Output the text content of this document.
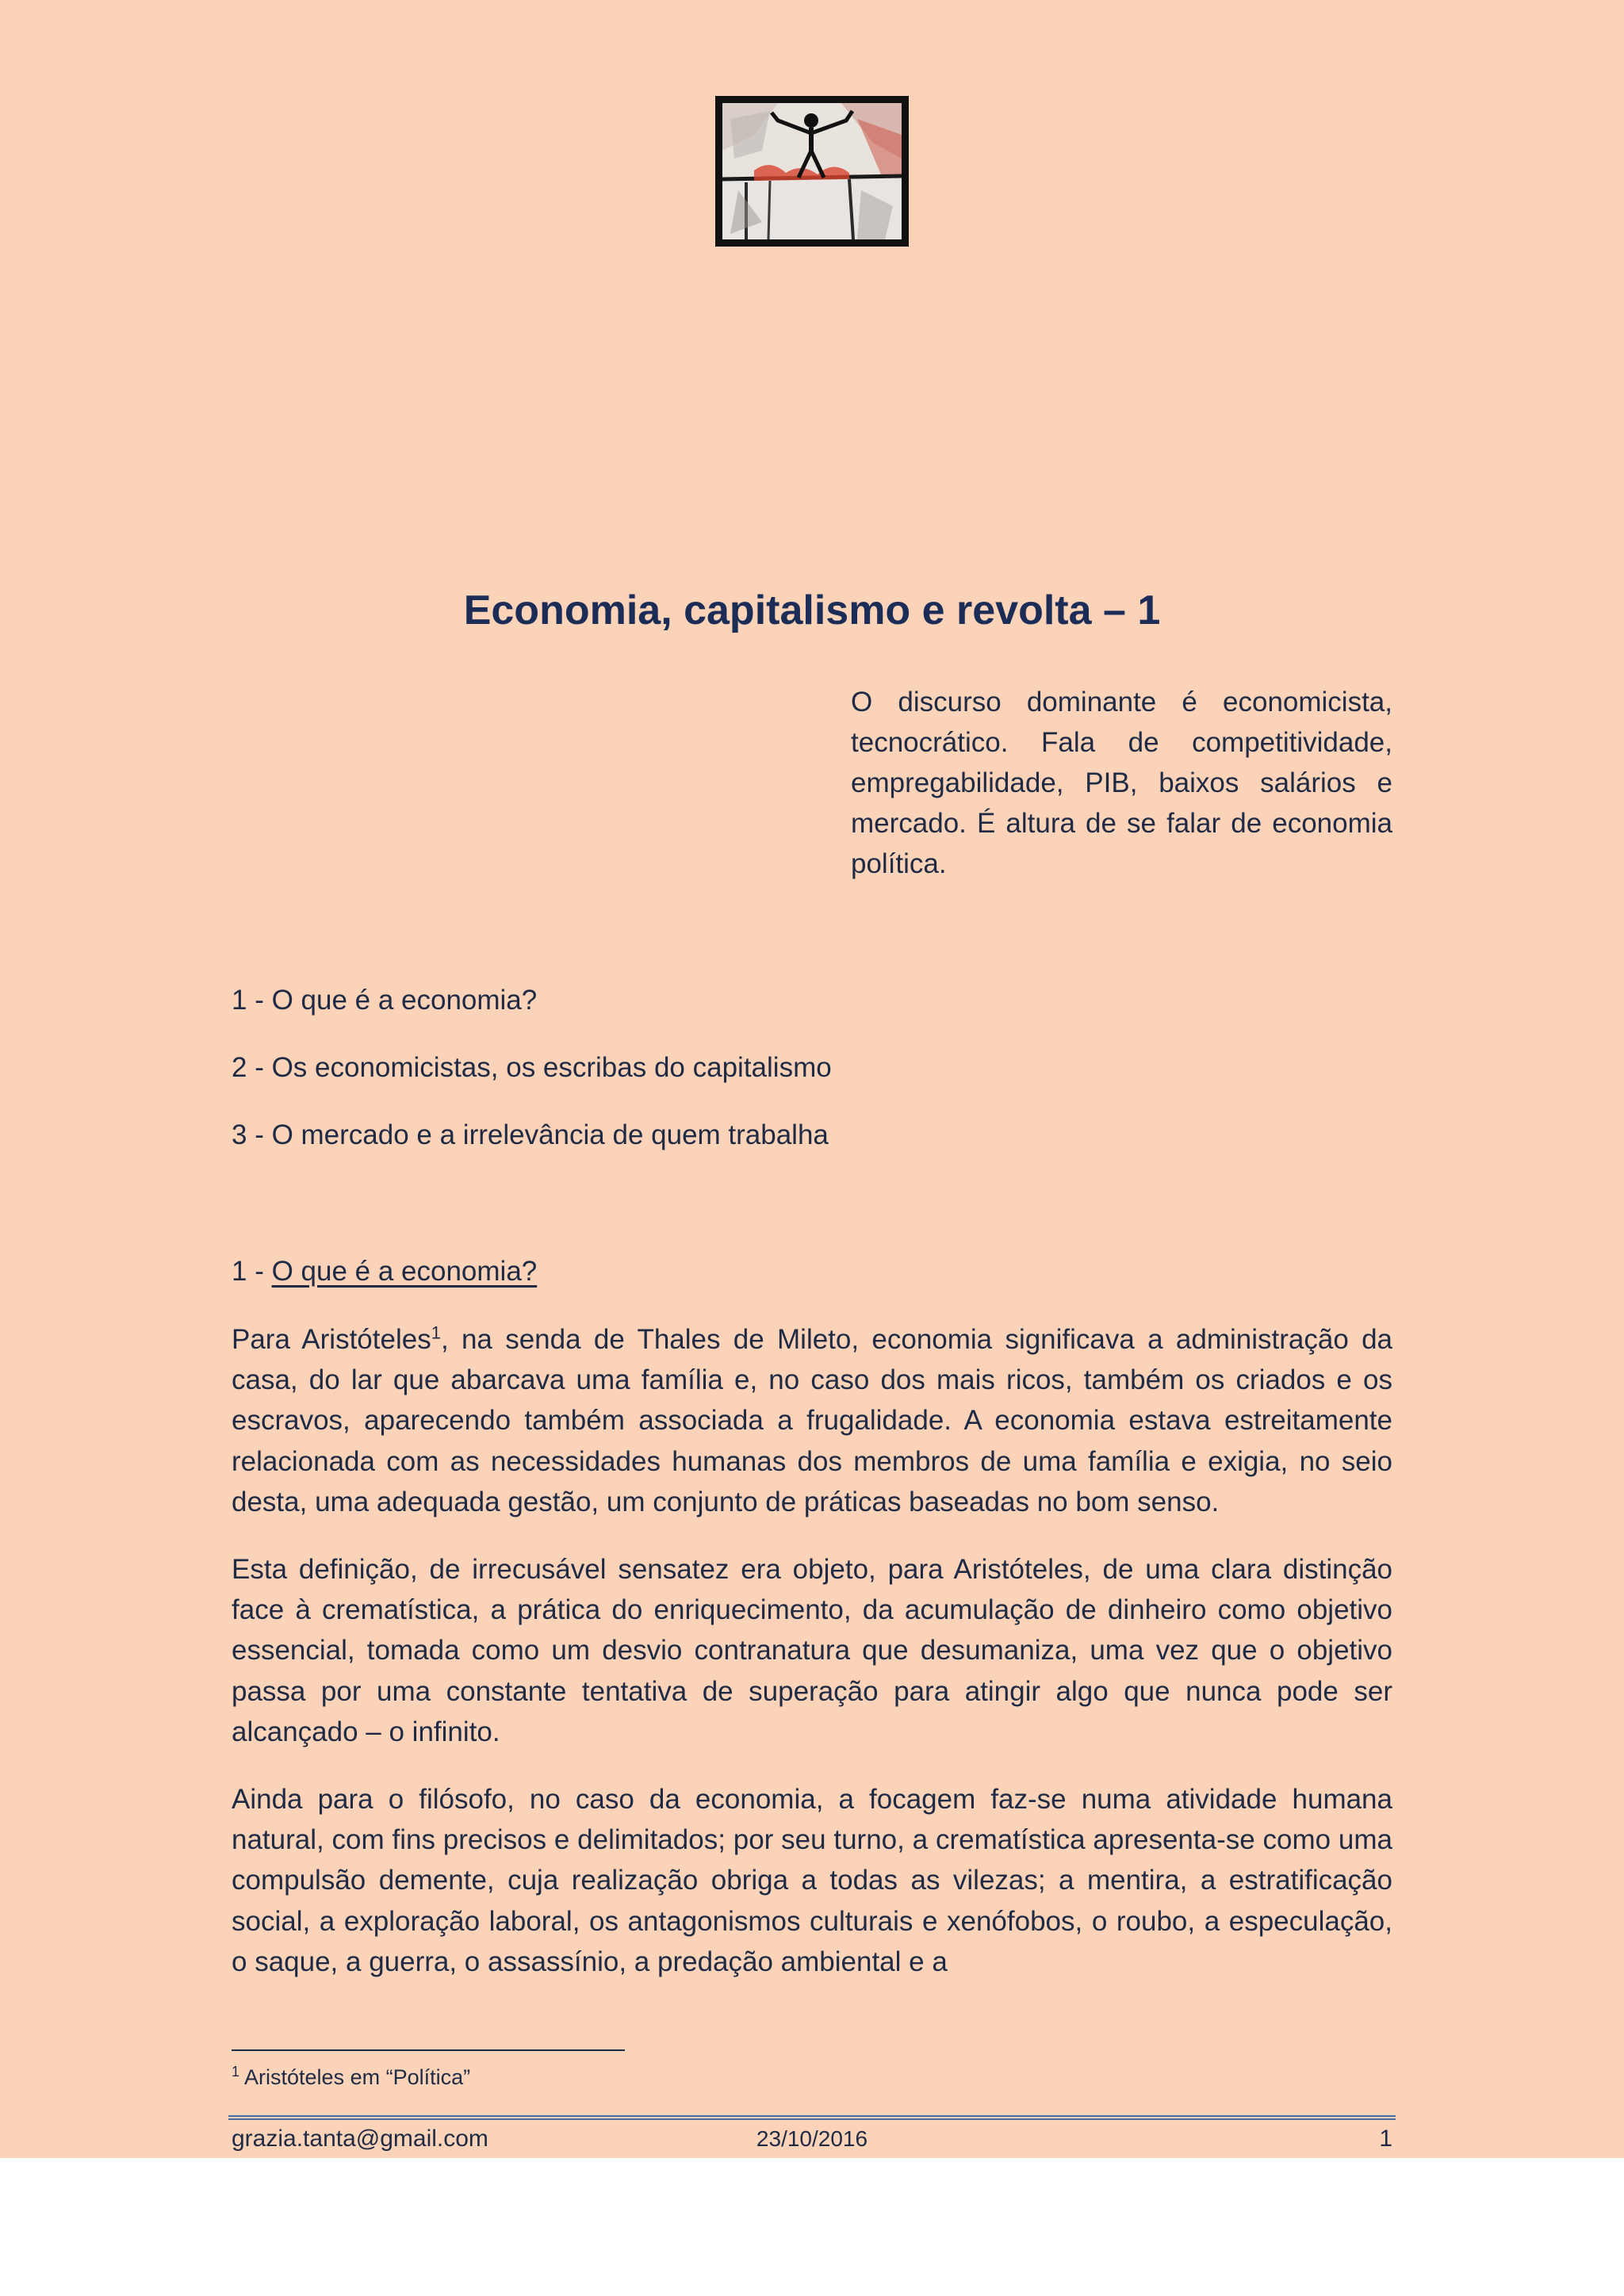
Economia, capitalismo e revolta – 1

O discurso dominante é economicista, tecnocrático. Fala de competitividade, empregabilidade, PIB, baixos salários e mercado. É altura de se falar de economia política.

1 - O que é a economia?
2 - Os economicistas, os escribas do capitalismo
3 - O mercado e a irrelevância de quem trabalha
1 - O que é a economia?

Para Aristóteles$^1$, na senda de Thales de Mileto, economia significava a administração da casa, do lar que abarcava uma família e, no caso dos mais ricos, também os criados e os escravos, aparecendo também associada a frugalidade. A economia estava estreitamente relacionada com as necessidades humanas dos membros de uma família e exigia, no seio desta, uma adequada gestão, um conjunto de práticas baseadas no bom senso.

Esta definição, de irrecusável sensatez era objeto, para Aristóteles, de uma clara distinção face à crematística, a prática do enriquecimento, da acumulação de dinheiro como objetivo essencial, tomada como um desvio contranatura que desumaniza, uma vez que o objetivo passa por uma constante tentativa de superação para atingir algo que nunca pode ser alcançado – o infinito.

Ainda para o filósofo, no caso da economia, a focagem faz-se numa atividade humana natural, com fins precisos e delimitados; por seu turno, a crematística apresenta-se como uma compulsão demente, cuja realização obriga a todas as vilezas; a mentira, a estratificação social, a exploração laboral, os antagonismos culturais e xenófobos, o roubo, a especulação, o saque, a guerra, o assassínio, a predação ambiental e a

$^1$ Aristóteles em “Política”
grazia.tanta@gmail.com	23/10/2016	1
